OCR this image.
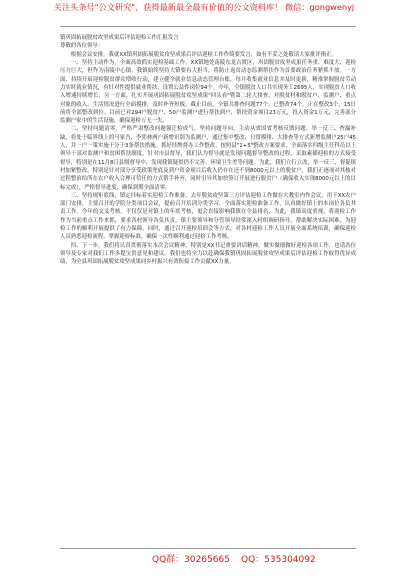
关注头条号"公文研究"，获得最新最全最有价值的公文资料库！ 微信：gongwenyj

镇巩固拓展脱贫攻坚成果后评估迎检工作汇报发言

尊敬的各位领导：

根据会议安排，我就XX镇巩固拓展脱贫攻坚成果后评估迎检工作作简要发言，如有不妥之处敬请大家批评指正。

一、坚持主动作为，全面高效抓实迎检基础工作。XX镇地处南陵东龙古渡区，巩固脱贫攻坚成果任务重、难度大、迎检压力巨大，但作为南陵中心镇，我镇始终坚持大镇要有大担当，将防止返贫动态监测帮扶作为首要政治任务紧抓不放。一方面，持续开展迎检脱贫群众増收行动，建立健全就业信息动态管理台账，每月收集就业信息并及时更新，精准掌握脱贫劳动力实时就业情况，有针对性提供就业帮扶，设置公益性岗位94个。今年，全镇脱贫人口共实现务工2695人，实现脱贫人口收入增速持续增长。另一方面，扎实开展巩固拓展脱贫攻坚成果"回头看"暨第二轮大排查，对脱贫村和脱贫户、监测户、重点对象的收入、生活情况进行全面摸排，及时补齐短板。截止目前，全镇共排查问题77个，已整改74个，正在整改3个，15日前将全部整改到位。目前已对294户脱贫户、50户监测户进行帮扶到户，帮扶资金项目23万元，投入资金1万元，完善部分监测户家中的生活设施，确保迎检万无一失。

二、坚持问题清零，严格严肃整改问题强迁检成气。坚持问题导向，主动从省国省考核反馈问题、举一反三、查漏补缺，将处于临界线上的马家吾，李郢林两户新增识别为监测户，通过集中整改、日常摸排、大排查等方式新增监测户25户45人，并一户一策实施干分于3条帮扶措施。抓好挂牌督办工作整改，按照县"1+5"整改方案要求，全面落实四级主任科员以上领导干部对监测户和贫困帮扶制度。针对市县督导，我们认为督导就是发现问题督导整改的过程，采取素描迎检的方式接受督导，特别是在11月8日县级督导中，发现我镇疑似仍不完善、环境卫生差等问题。为此，我们立行立改，举一反三，督促镇村加紧整改，特别是针对部分享受政策兜底及到户资金项目后收入仍存在还不到8000元以上的脱贫户，我们正逐项对其核对过程整治给所在农户收入合理可信任的方式帮手补齐，同时引导其加快签订开展进行脱贫户（确保收入实现8000元以上的目标完成），严格督导进度，确保到期全面清零。

三、坚持规矩底线，镇定挂标着实迎检工作准备。去年脱贫攻坚第三方评估迎检工作做在大教室内作会议，用于XX农户部门安排，主要召开的学院分类项目会议，提前召开培训分类学习，全面落实迎检准备工作，认真做好镇上的本岗位各负其责工作。今年的交叉考核，不仅仅是对镇上的年底考核，更会直接影响我镇在全县排名，为此，我镇高度重视，将迎检工作作为当前重点工作来抓，要求各村领导各负其责，镇主要领导和分管领导经常深入村组调研指导，帮助解决实际困难，为迎检工作的顺利开展提供了有力保障。同时，通过召开迎检培训会等方式，对各村迎检工作人员开展全面系统培训，确保迎检人员熟悉迎检流程、掌握迎检标准，确保一次性顺利通过迎检工作考核。

四、下一步，我们将认真贯彻落实本次会议精神，特别是XX书记重要讲话精神，做实做细做好迎检各项工作，也请各位领导及专家对我们工作多提宝贵意见和建议，我们也将全力以赴确保我镇巩固拓展脱贫攻坚成果后评估迎检工作取得优异成绩，为全县巩固拓展脱贫攻坚成果同乡村振兴有效衔接工作贡献XX力量。

QQ群：30265665 QQ：535304092
